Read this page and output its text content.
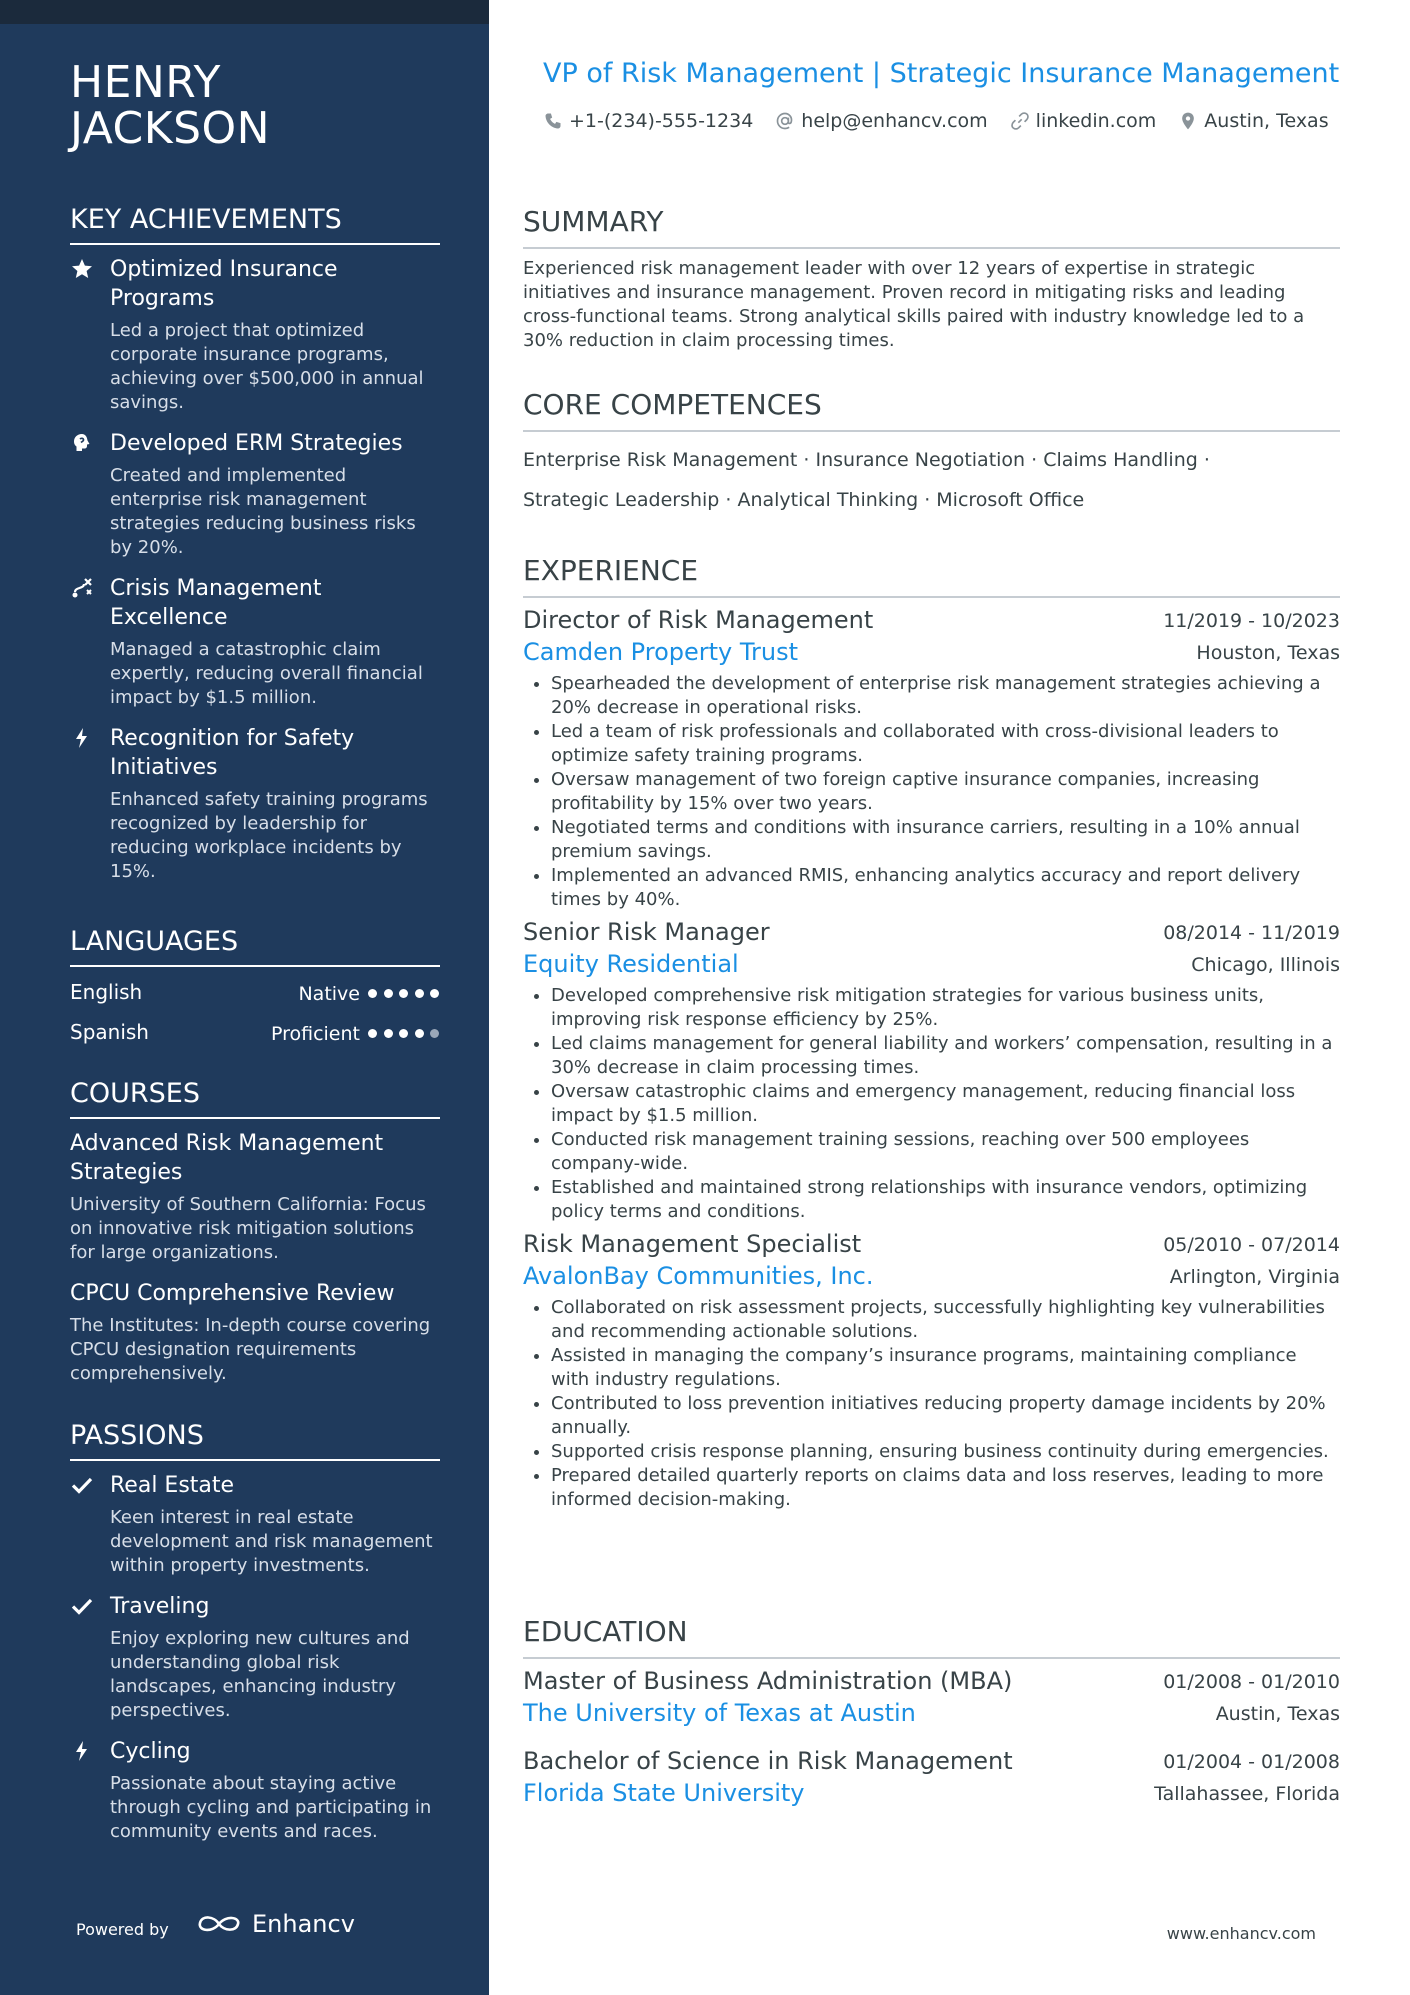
HENRY
JACKSON
KEY ACHIEVEMENTS
Optimized Insurance Programs
Led a project that optimized corporate insurance programs, achieving over $500,000 in annual savings.
Developed ERM Strategies
Created and implemented enterprise risk management strategies reducing business risks by 20%.
Crisis Management Excellence
Managed a catastrophic claim expertly, reducing overall financial impact by $1.5 million.
Recognition for Safety Initiatives
Enhanced safety training programs recognized by leadership for reducing workplace incidents by 15%.
LANGUAGES
English	Native
Spanish	Proficient
COURSES
Advanced Risk Management Strategies
University of Southern California: Focus on innovative risk mitigation solutions for large organizations.
CPCU Comprehensive Review
The Institutes: In-depth course covering CPCU designation requirements comprehensively.
PASSIONS
Real Estate
Keen interest in real estate development and risk management within property investments.
Traveling
Enjoy exploring new cultures and understanding global risk landscapes, enhancing industry perspectives.
Cycling
Passionate about staying active through cycling and participating in community events and races.
Powered by	Enhancv
VP of Risk Management | Strategic Insurance Management
+1-(234)-555-1234	help@enhancv.com	linkedin.com	Austin, Texas
SUMMARY
Experienced risk management leader with over 12 years of expertise in strategic initiatives and insurance management. Proven record in mitigating risks and leading cross-functional teams. Strong analytical skills paired with industry knowledge led to a 30% reduction in claim processing times.
CORE COMPETENCES
Enterprise Risk Management · Insurance Negotiation · Claims Handling ·
Strategic Leadership · Analytical Thinking · Microsoft Office
EXPERIENCE
Director of Risk Management	11/2019 - 10/2023
Camden Property Trust	Houston, Texas
• Spearheaded the development of enterprise risk management strategies achieving a 20% decrease in operational risks.
• Led a team of risk professionals and collaborated with cross-divisional leaders to optimize safety training programs.
• Oversaw management of two foreign captive insurance companies, increasing profitability by 15% over two years.
• Negotiated terms and conditions with insurance carriers, resulting in a 10% annual premium savings.
• Implemented an advanced RMIS, enhancing analytics accuracy and report delivery times by 40%.
Senior Risk Manager	08/2014 - 11/2019
Equity Residential	Chicago, Illinois
• Developed comprehensive risk mitigation strategies for various business units, improving risk response efficiency by 25%.
• Led claims management for general liability and workers’ compensation, resulting in a 30% decrease in claim processing times.
• Oversaw catastrophic claims and emergency management, reducing financial loss impact by $1.5 million.
• Conducted risk management training sessions, reaching over 500 employees company-wide.
• Established and maintained strong relationships with insurance vendors, optimizing policy terms and conditions.
Risk Management Specialist	05/2010 - 07/2014
AvalonBay Communities, Inc.	Arlington, Virginia
• Collaborated on risk assessment projects, successfully highlighting key vulnerabilities and recommending actionable solutions.
• Assisted in managing the company’s insurance programs, maintaining compliance with industry regulations.
• Contributed to loss prevention initiatives reducing property damage incidents by 20% annually.
• Supported crisis response planning, ensuring business continuity during emergencies.
• Prepared detailed quarterly reports on claims data and loss reserves, leading to more informed decision-making.
EDUCATION
Master of Business Administration (MBA)	01/2008 - 01/2010
The University of Texas at Austin	Austin, Texas
Bachelor of Science in Risk Management	01/2004 - 01/2008
Florida State University	Tallahassee, Florida
www.enhancv.com
